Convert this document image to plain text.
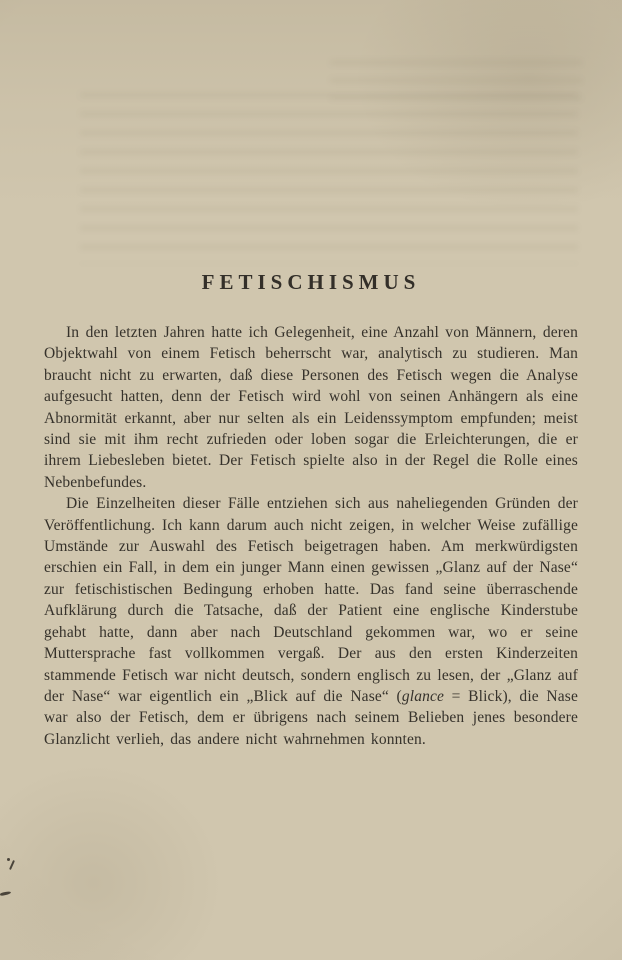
FETISCHISMUS

In den letzten Jahren hatte ich Gelegenheit, eine Anzahl von Männern, deren Objektwahl von einem Fetisch beherrscht war, analytisch zu studieren. Man braucht nicht zu erwarten, daß diese Personen des Fetisch wegen die Analyse aufgesucht hatten, denn der Fetisch wird wohl von seinen Anhängern als eine Abnormität erkannt, aber nur selten als ein Leidenssymptom empfunden; meist sind sie mit ihm recht zufrieden oder loben sogar die Erleichterungen, die er ihrem Liebesleben bietet. Der Fetisch spielte also in der Regel die Rolle eines Nebenbefundes.

Die Einzelheiten dieser Fälle entziehen sich aus naheliegenden Gründen der Veröffentlichung. Ich kann darum auch nicht zeigen, in welcher Weise zufällige Umstände zur Auswahl des Fetisch beigetragen haben. Am merkwürdigsten erschien ein Fall, in dem ein junger Mann einen gewissen „Glanz auf der Nase“ zur fetischistischen Bedingung erhoben hatte. Das fand seine überraschende Aufklärung durch die Tatsache, daß der Patient eine englische Kinderstube gehabt hatte, dann aber nach Deutschland gekommen war, wo er seine Muttersprache fast vollkommen vergaß. Der aus den ersten Kinderzeiten stammende Fetisch war nicht deutsch, sondern englisch zu lesen, der „Glanz auf der Nase“ war eigentlich ein „Blick auf die Nase“ (glance = Blick), die Nase war also der Fetisch, dem er übrigens nach seinem Belieben jenes besondere Glanzlicht verlieh, das andere nicht wahrnehmen konnten.
